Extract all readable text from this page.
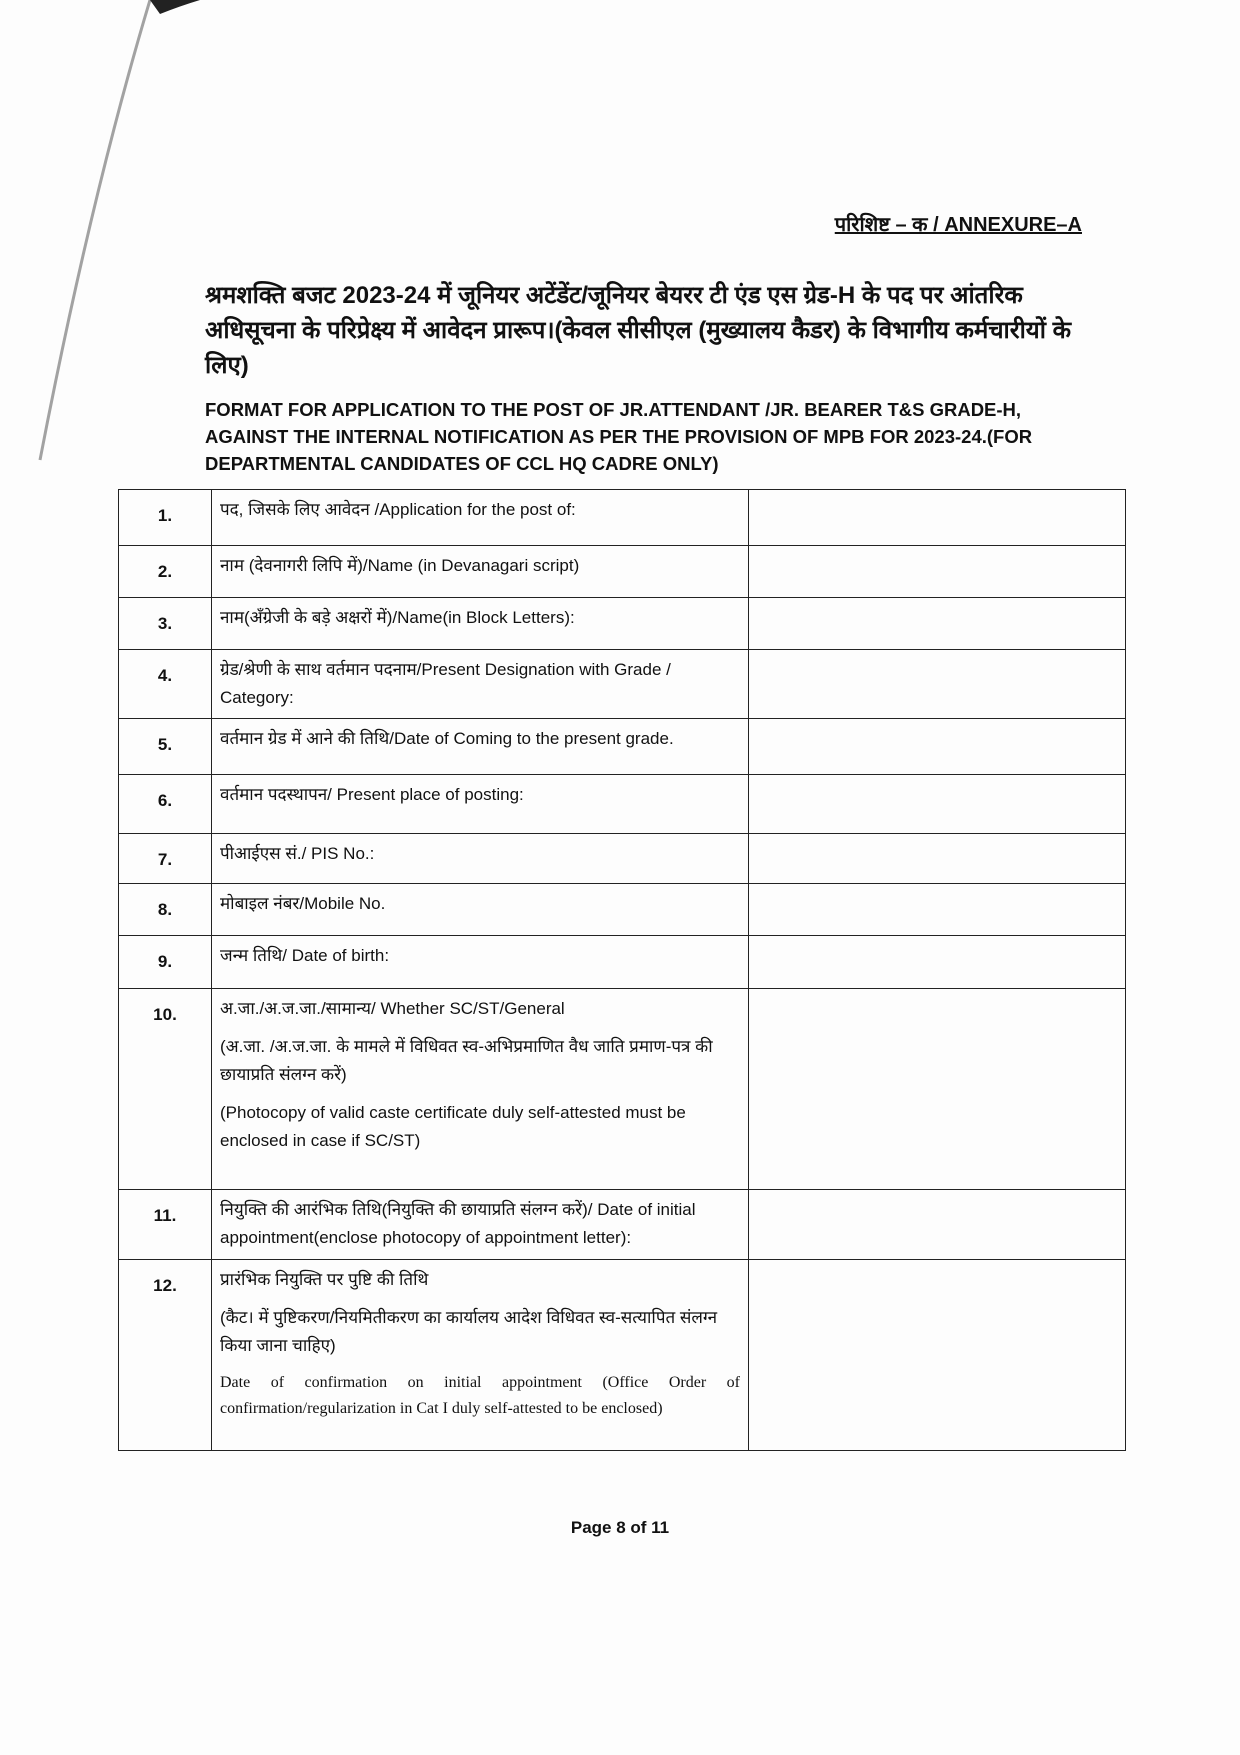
परिशिष्ट – क / ANNEXURE–A
श्रमशक्ति बजट 2023-24 में जूनियर अटेंडेंट/जूनियर बेयरर टी एंड एस ग्रेड-H के पद पर आंतरिक अधिसूचना के परिप्रेक्ष्य में आवेदन प्रारूप।(केवल सीसीएल (मुख्यालय कैडर) के विभागीय कर्मचारीयों के लिए)
FORMAT FOR APPLICATION TO THE POST OF JR.ATTENDANT /JR. BEARER T&S GRADE-H, AGAINST THE INTERNAL NOTIFICATION AS PER THE PROVISION OF MPB FOR 2023-24.(FOR DEPARTMENTAL CANDIDATES OF CCL HQ CADRE ONLY)
1.	पद, जिसके लिए आवेदन /Application for the post of:	

2.	नाम (देवनागरी लिपि में)/Name (in Devanagari script)	

3.	नाम(अँग्रेजी के बड़े अक्षरों में)/Name(in Block Letters):	

4.	ग्रेड/श्रेणी के साथ वर्तमान पदनाम/Present Designation with Grade / Category:	

5.	वर्तमान ग्रेड में आने की तिथि/Date of Coming to the present grade.	

6.	वर्तमान पदस्थापन/ Present place of posting:	

7.	पीआईएस सं./ PIS No.:	

8.	मोबाइल नंबर/Mobile No.	

9.	जन्म तिथि/ Date of birth:	

10.	अ.जा./अ.ज.जा./सामान्य/ Whether SC/ST/General

(अ.जा. /अ.ज.जा. के मामले में विधिवत स्व-अभिप्रमाणित वैध जाति प्रमाण-पत्र की छायाप्रति संलग्न करें)

(Photocopy of valid caste certificate duly self-attested must be enclosed in case if SC/ST)	

11.	नियुक्ति की आरंभिक तिथि(नियुक्ति की छायाप्रति संलग्न करें)/ Date of initial appointment(enclose photocopy of appointment letter):	

12.	प्रारंभिक नियुक्ति पर पुष्टि की तिथि

(कैट। में पुष्टिकरण/नियमितीकरण का कार्यालय आदेश विधिवत स्व-सत्यापित संलग्न किया जाना चाहिए)

Date of confirmation on initial appointment (Office Order of confirmation/regularization in Cat I duly self-attested to be enclosed)	

Page 8 of 11
